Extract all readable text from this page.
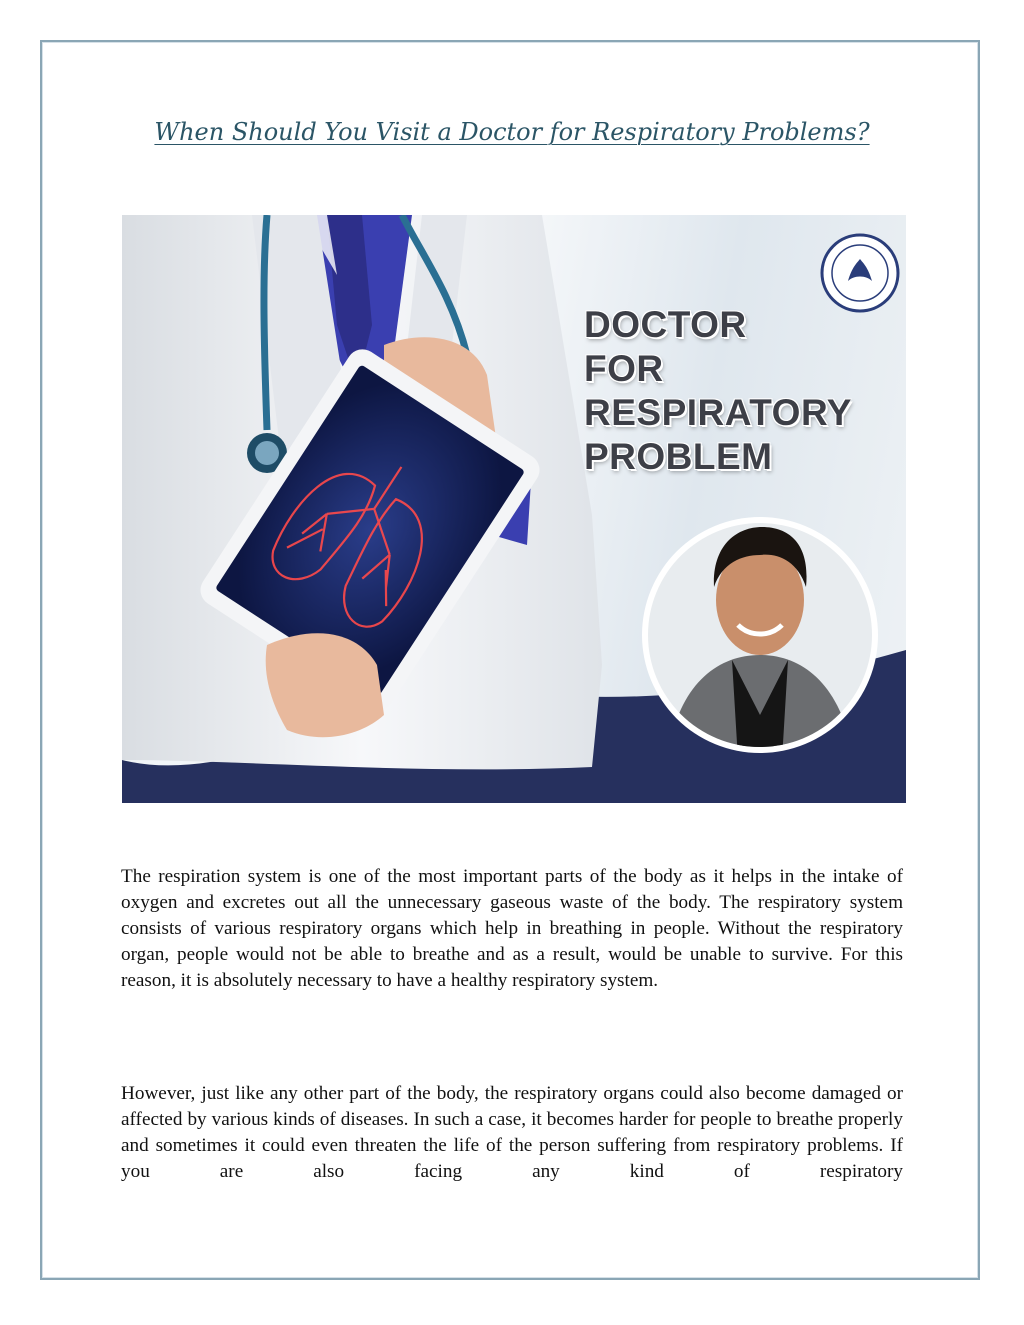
When Should You Visit a Doctor for Respiratory Problems?
DOCTOR
FOR
RESPIRATORY
PROBLEM

The respiration system is one of the most important parts of the body as it helps in the intake of oxygen and excretes out all the unnecessary gaseous waste of the body. The respiratory system consists of various respiratory organs which help in breathing in people. Without the respiratory organ, people would not be able to breathe and as a result, would be unable to survive. For this reason, it is absolutely necessary to have a healthy respiratory system.

However, just like any other part of the body, the respiratory organs could also become damaged or affected by various kinds of diseases. In such a case, it becomes harder for people to breathe properly and sometimes it could even threaten the life of the person suffering from respiratory problems. If you are also facing any kind of respiratory
